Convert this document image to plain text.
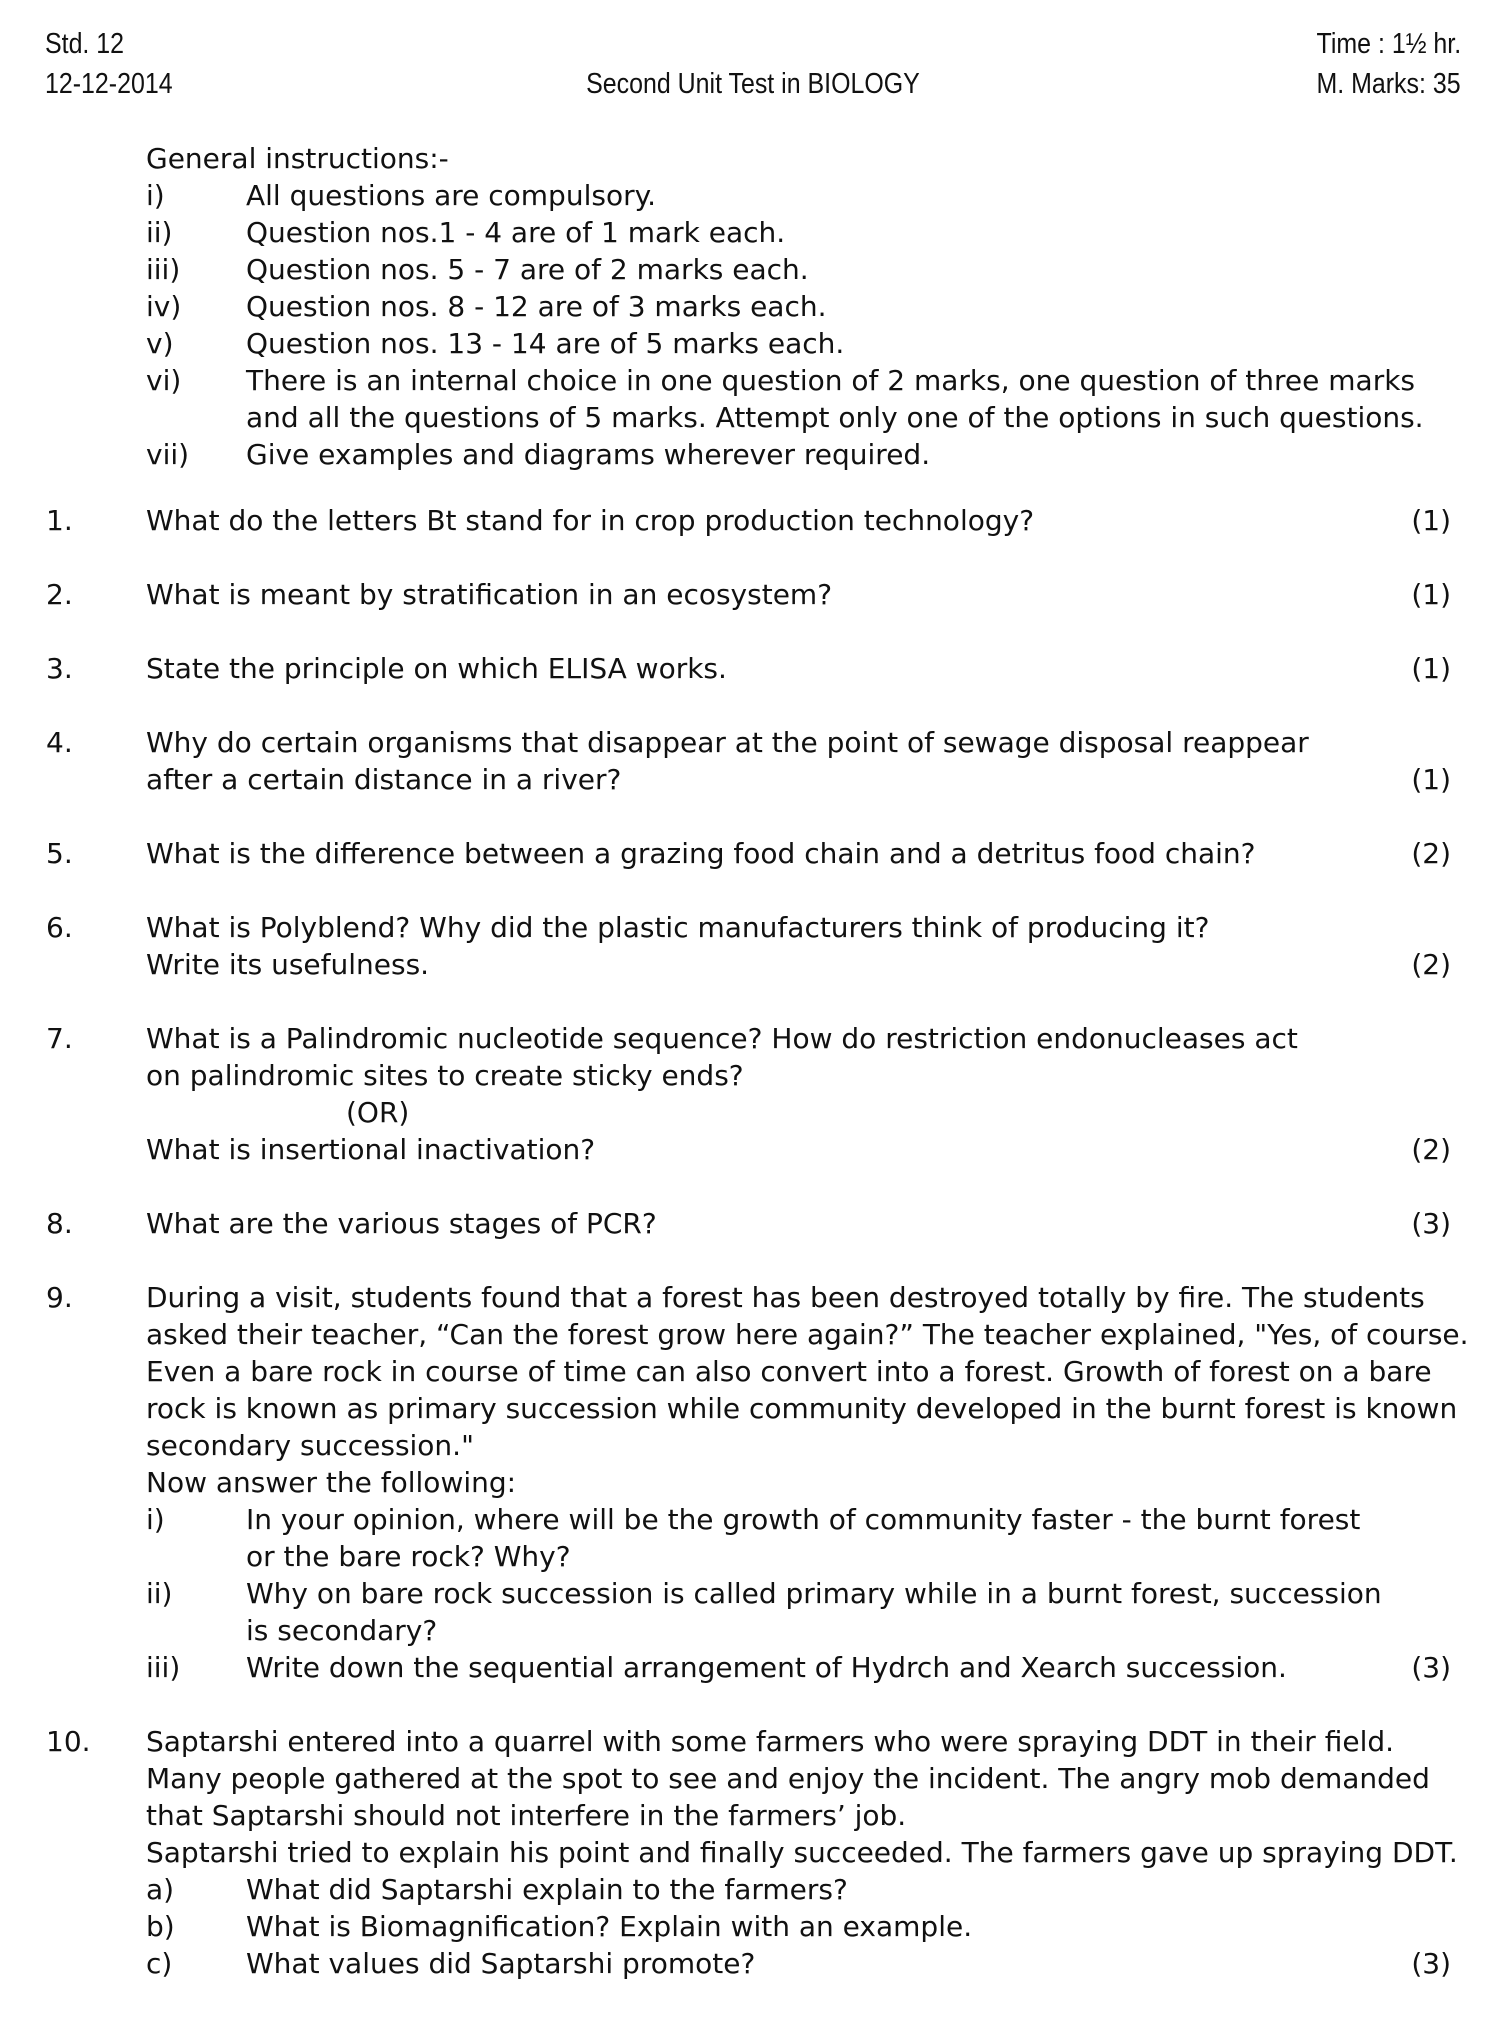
Std. 12
12-12-2014	Second Unit Test in BIOLOGY
Time : 1½ hr.
M. Marks: 35
General instructions:-
i)	All questions are compulsory.
ii)	Question nos.1 - 4 are of 1 mark each.
iii) Question nos. 5 - 7 are of 2 marks each.
iv) Question nos. 8 - 12 are of 3 marks each.
v)	Question nos. 13 - 14 are of 5 marks each.
vi) There is an internal choice in one question of 2 marks, one question of three marks
and all the questions of 5 marks. Attempt only one of the options in such questions.
vii) Give examples and diagrams wherever required.
1.	What do the letters Bt stand for in crop production technology?	(1)
2.	What is meant by stratification in an ecosystem?	(1)
3.	State the principle on which ELISA works.	(1)
4.	Why do certain organisms that disappear at the point of sewage disposal reappear
after a certain distance in a river?	(1)
5.	What is the difference between a grazing food chain and a detritus food chain?	(2)
6.	What is Polyblend? Why did the plastic manufacturers think of producing it?
Write its usefulness.	(2)
7.	What is a Palindromic nucleotide sequence? How do restriction endonucleases act
on palindromic sites to create sticky ends?
(OR)
What is insertional inactivation?	(2)
8.	What are the various stages of PCR?	(3)
9.	During a visit, students found that a forest has been destroyed totally by fire. The students
asked their teacher, “Can the forest grow here again?” The teacher explained, "Yes, of course.
Even a bare rock in course of time can also convert into a forest. Growth of forest on a bare
rock is known as primary succession while community developed in the burnt forest is known
secondary succession."
Now answer the following:
i)	In your opinion, where will be the growth of community faster - the burnt forest
or the bare rock? Why?
ii)	Why on bare rock succession is called primary while in a burnt forest, succession
is secondary?
iii) Write down the sequential arrangement of Hydrch and Xearch succession.	(3)
10. Saptarshi entered into a quarrel with some farmers who were spraying DDT in their field.
Many people gathered at the spot to see and enjoy the incident. The angry mob demanded
that Saptarshi should not interfere in the farmers’ job.
Saptarshi tried to explain his point and finally succeeded. The farmers gave up spraying DDT.
a)	What did Saptarshi explain to the farmers?
b)	What is Biomagnification? Explain with an example.
c)	What values did Saptarshi promote?	(3)
